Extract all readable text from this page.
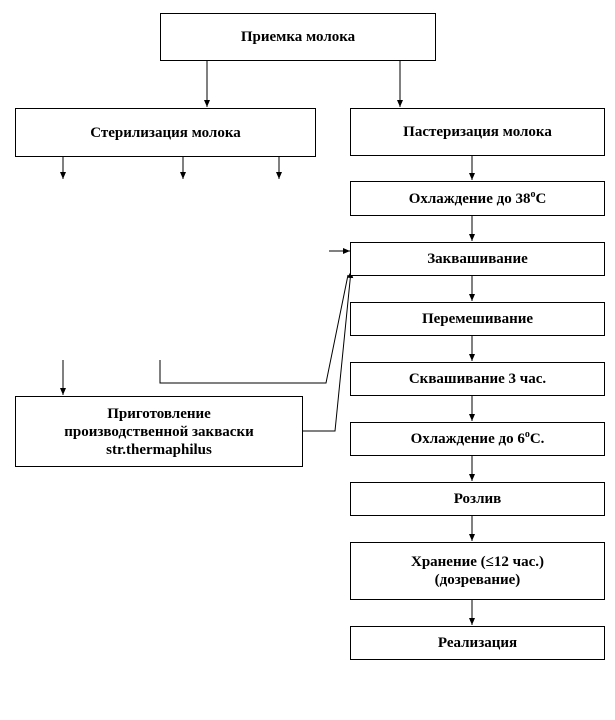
Приемка молока
Стерилизация молока	Пастеризация молока
Охлаждение до 38$^o$С
Заквашивание
Перемешивание
Сквашивание 3 час.
Охлаждение до 6$^o$С.
Розлив
Хранение (≤12 час.)
(дозревание)
Реализация
Приготовление
производственной закваски
str.thermaphilus
